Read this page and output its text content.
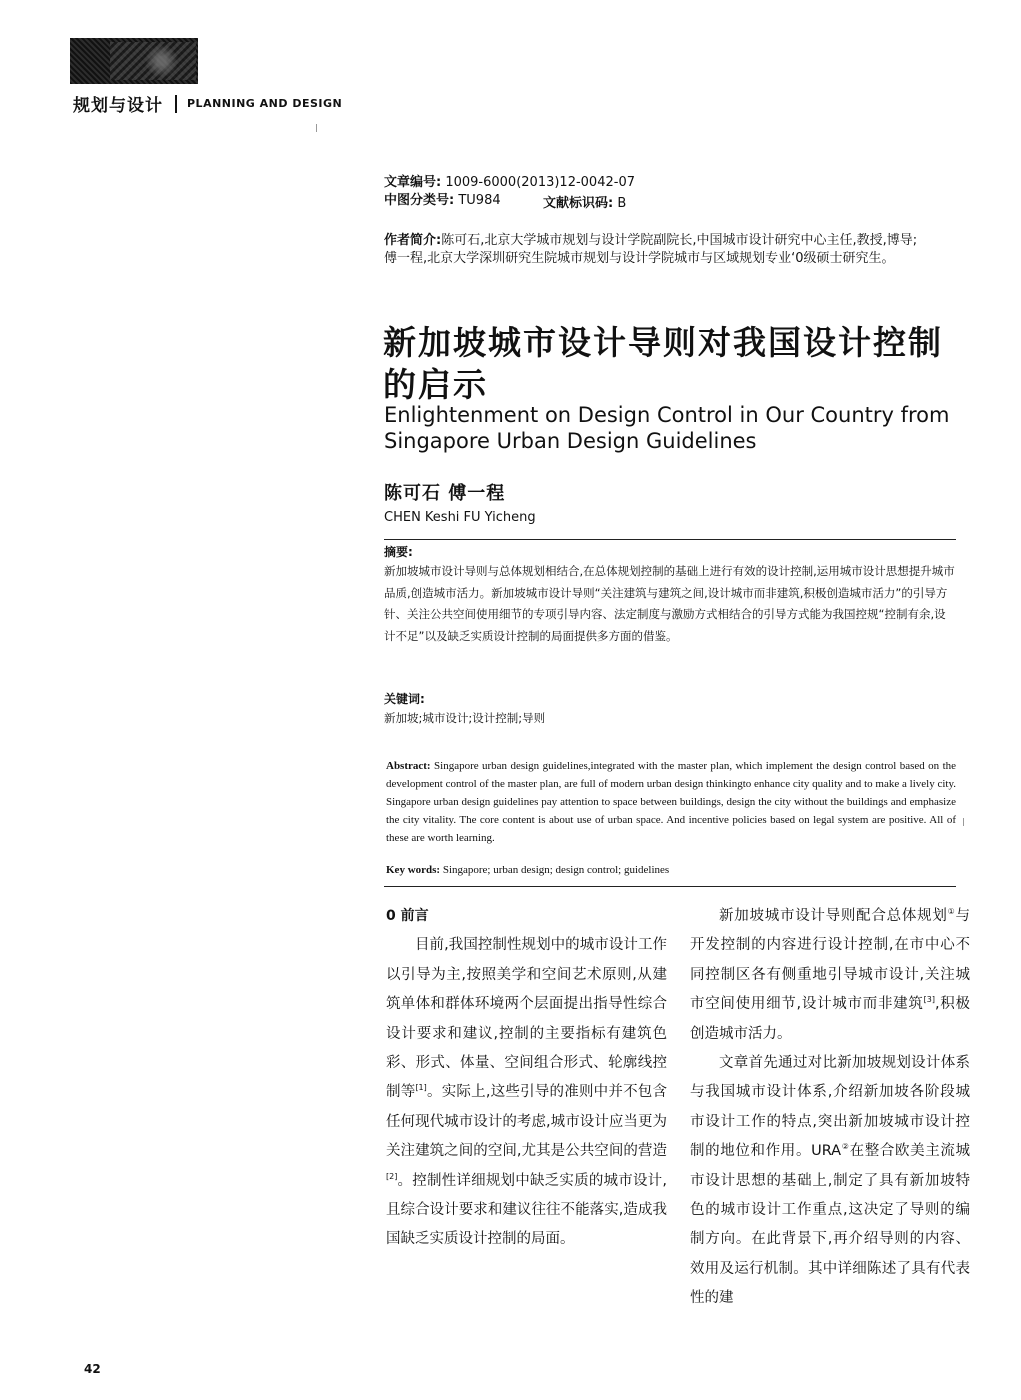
规划与设计 PLANNING AND DESIGN
文章编号: 1009-6000(2013)12-0042-07
中图分类号: TU984	文献标识码: B

作者简介:陈可石,北京大学城市规划与设计学院副院长,中国城市设计研究中心主任,教授,博导;

傅一程,北京大学深圳研究生院城市规划与设计学院城市与区域规划专业‘0级硕士研究生。

新加坡城市设计导则对我国设计控制的启示
Enlightenment on Design Control in Our Country from Singapore Urban Design Guidelines
陈可石 傅一程
CHEN Keshi FU Yicheng
摘要:

新加坡城市设计导则与总体规划相结合,在总体规划控制的基础上进行有效的设计控制,运用城市设计思想提升城市品质,创造城市活力。新加坡城市设计导则“关注建筑与建筑之间,设计城市而非建筑,积极创造城市活力”的引导方针、关注公共空间使用细节的专项引导内容、法定制度与激励方式相结合的引导方式能为我国控规“控制有余,设计不足”以及缺乏实质设计控制的局面提供多方面的借鉴。

关键词:
新加坡;城市设计;设计控制;导则

Abstract: Singapore urban design guidelines,integrated with the master plan, which implement the design control based on the development control of the master plan, are full of modern urban design thinkingto enhance city quality and to make a lively city. Singapore urban design guidelines pay attention to space between buildings, design the city without the buildings and emphasize the city vitality. The core content is about use of urban space. And incentive policies based on legal system are positive. All of these are worth learning.

Key words: Singapore; urban design; design control; guidelines

0 前言

目前,我国控制性规划中的城市设计工作以引导为主,按照美学和空间艺术原则,从建筑单体和群体环境两个层面提出指导性综合设计要求和建议,控制的主要指标有建筑色彩、形式、体量、空间组合形式、轮廓线控制等[1]。实际上,这些引导的准则中并不包含任何现代城市设计的考虑,城市设计应当更为关注建筑之间的空间,尤其是公共空间的营造[2]。控制性详细规划中缺乏实质的城市设计,且综合设计要求和建议往往不能落实,造成我国缺乏实质设计控制的局面。

新加坡城市设计导则配合总体规划①与开发控制的内容进行设计控制,在市中心不同控制区各有侧重地引导城市设计,关注城市空间使用细节,设计城市而非建筑[3],积极创造城市活力。

文章首先通过对比新加坡规划设计体系与我国城市设计体系,介绍新加坡各阶段城市设计工作的特点,突出新加坡城市设计控制的地位和作用。URA②在整合欧美主流城市设计思想的基础上,制定了具有新加坡特色的城市设计工作重点,这决定了导则的编制方向。在此背景下,再介绍导则的内容、效用及运行机制。其中详细陈述了具有代表性的建

42
